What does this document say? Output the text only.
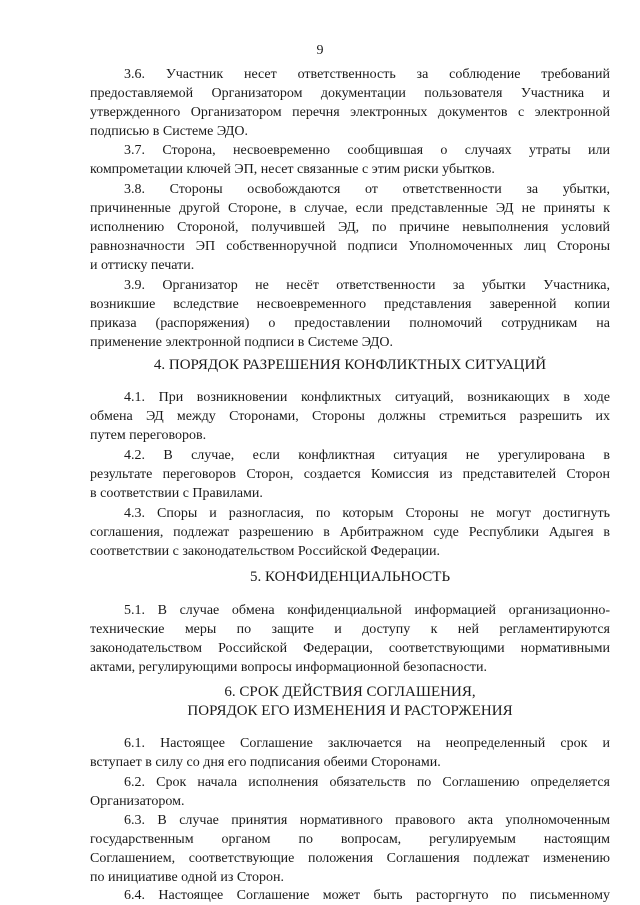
9
3.6. Участник несет ответственность за соблюдение требований
предоставляемой Организатором документации пользователя Участника и
утвержденного Организатором перечня электронных документов с электронной
подписью в Системе ЭДО.
3.7. Сторона, несвоевременно сообщившая о случаях утраты или
компрометации ключей ЭП, несет связанные с этим риски убытков.
3.8. Стороны освобождаются от ответственности за убытки,
причиненные другой Стороне, в случае, если представленные ЭД не приняты к
исполнению Стороной, получившей ЭД, по причине невыполнения условий
равнозначности ЭП собственноручной подписи Уполномоченных лиц Стороны
и оттиску печати.
3.9. Организатор не несёт ответственности за убытки Участника,
возникшие вследствие несвоевременного представления заверенной копии
приказа (распоряжения) о предоставлении полномочий сотрудникам на
применение электронной подписи в Системе ЭДО.
4. ПОРЯДОК РАЗРЕШЕНИЯ КОНФЛИКТНЫХ СИТУАЦИЙ
4.1. При возникновении конфликтных ситуаций, возникающих в ходе
обмена ЭД между Сторонами, Стороны должны стремиться разрешить их
путем переговоров.
4.2. В случае, если конфликтная ситуация не урегулирована в
результате переговоров Сторон, создается Комиссия из представителей Сторон
в соответствии с Правилами.
4.3. Споры и разногласия, по которым Стороны не могут достигнуть
соглашения, подлежат разрешению в Арбитражном суде Республики Адыгея в
соответствии с законодательством Российской Федерации.
5. КОНФИДЕНЦИАЛЬНОСТЬ
5.1. В случае обмена конфиденциальной информацией организационно-
технические меры по защите и доступу к ней регламентируются
законодательством Российской Федерации, соответствующими нормативными
актами, регулирующими вопросы информационной безопасности.
6. СРОК ДЕЙСТВИЯ СОГЛАШЕНИЯ,
ПОРЯДОК ЕГО ИЗМЕНЕНИЯ И РАСТОРЖЕНИЯ
6.1. Настоящее Соглашение заключается на неопределенный срок и
вступает в силу со дня его подписания обеими Сторонами.
6.2. Срок начала исполнения обязательств по Соглашению определяется
Организатором.
6.3. В случае принятия нормативного правового акта уполномоченным
государственным органом по вопросам, регулируемым настоящим
Соглашением, соответствующие положения Соглашения подлежат изменению
по инициативе одной из Сторон.
6.4. Настоящее Соглашение может быть расторгнуто по письменному
